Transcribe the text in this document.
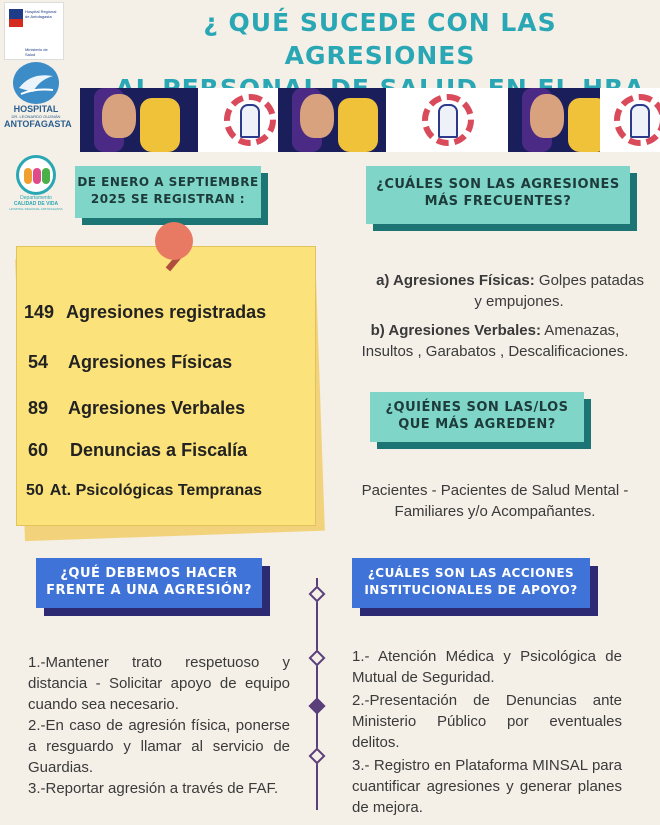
¿ QUÉ SUCEDE CON LAS AGRESIONES
Hospital Regional
de Antofagasta
Ministerio de
Salud
HOSPITAL
DR. LEONARDO GUZMÁN
ANTOFAGASTA
Departamento
CALIDAD DE VIDA
HOSPITAL REGIONAL ANTOFAGASTA
DE ENERO A SEPTIEMBRE
2025 SE REGISTRAN :
149 Agresiones registradas
54 Agresiones Físicas
89 Agresiones Verbales
60 Denuncias a Fiscalía
50 At. Psicológicas Tempranas
¿CUÁLES SON LAS AGRESIONES
MÁS FRECUENTES?
a) Agresiones Físicas: Golpes patadas
y empujones.
b) Agresiones Verbales: Amenazas,
Insultos , Garabatos , Descalificaciones.
¿QUIÉNES SON LAS/LOS
QUE MÁS AGREDEN?
Pacientes - Pacientes de Salud Mental -
Familiares y/o Acompañantes.
¿QUÉ DEBEMOS HACER
FRENTE A UNA AGRESIÓN?
1.-Mantener trato respetuoso y distancia - Solicitar apoyo de equipo cuando sea necesario.
2.-En caso de agresión física, ponerse a resguardo y llamar al servicio de Guardias.
3.-Reportar agresión a través de FAF.
¿CUÁLES SON LAS ACCIONES
INSTITUCIONALES DE APOYO?
1.- Atención Médica y Psicológica de Mutual de Seguridad.
2.-Presentación de Denuncias ante Ministerio Público por eventuales delitos.
3.- Registro en Plataforma MINSAL para cuantificar agresiones y generar planes de mejora.
